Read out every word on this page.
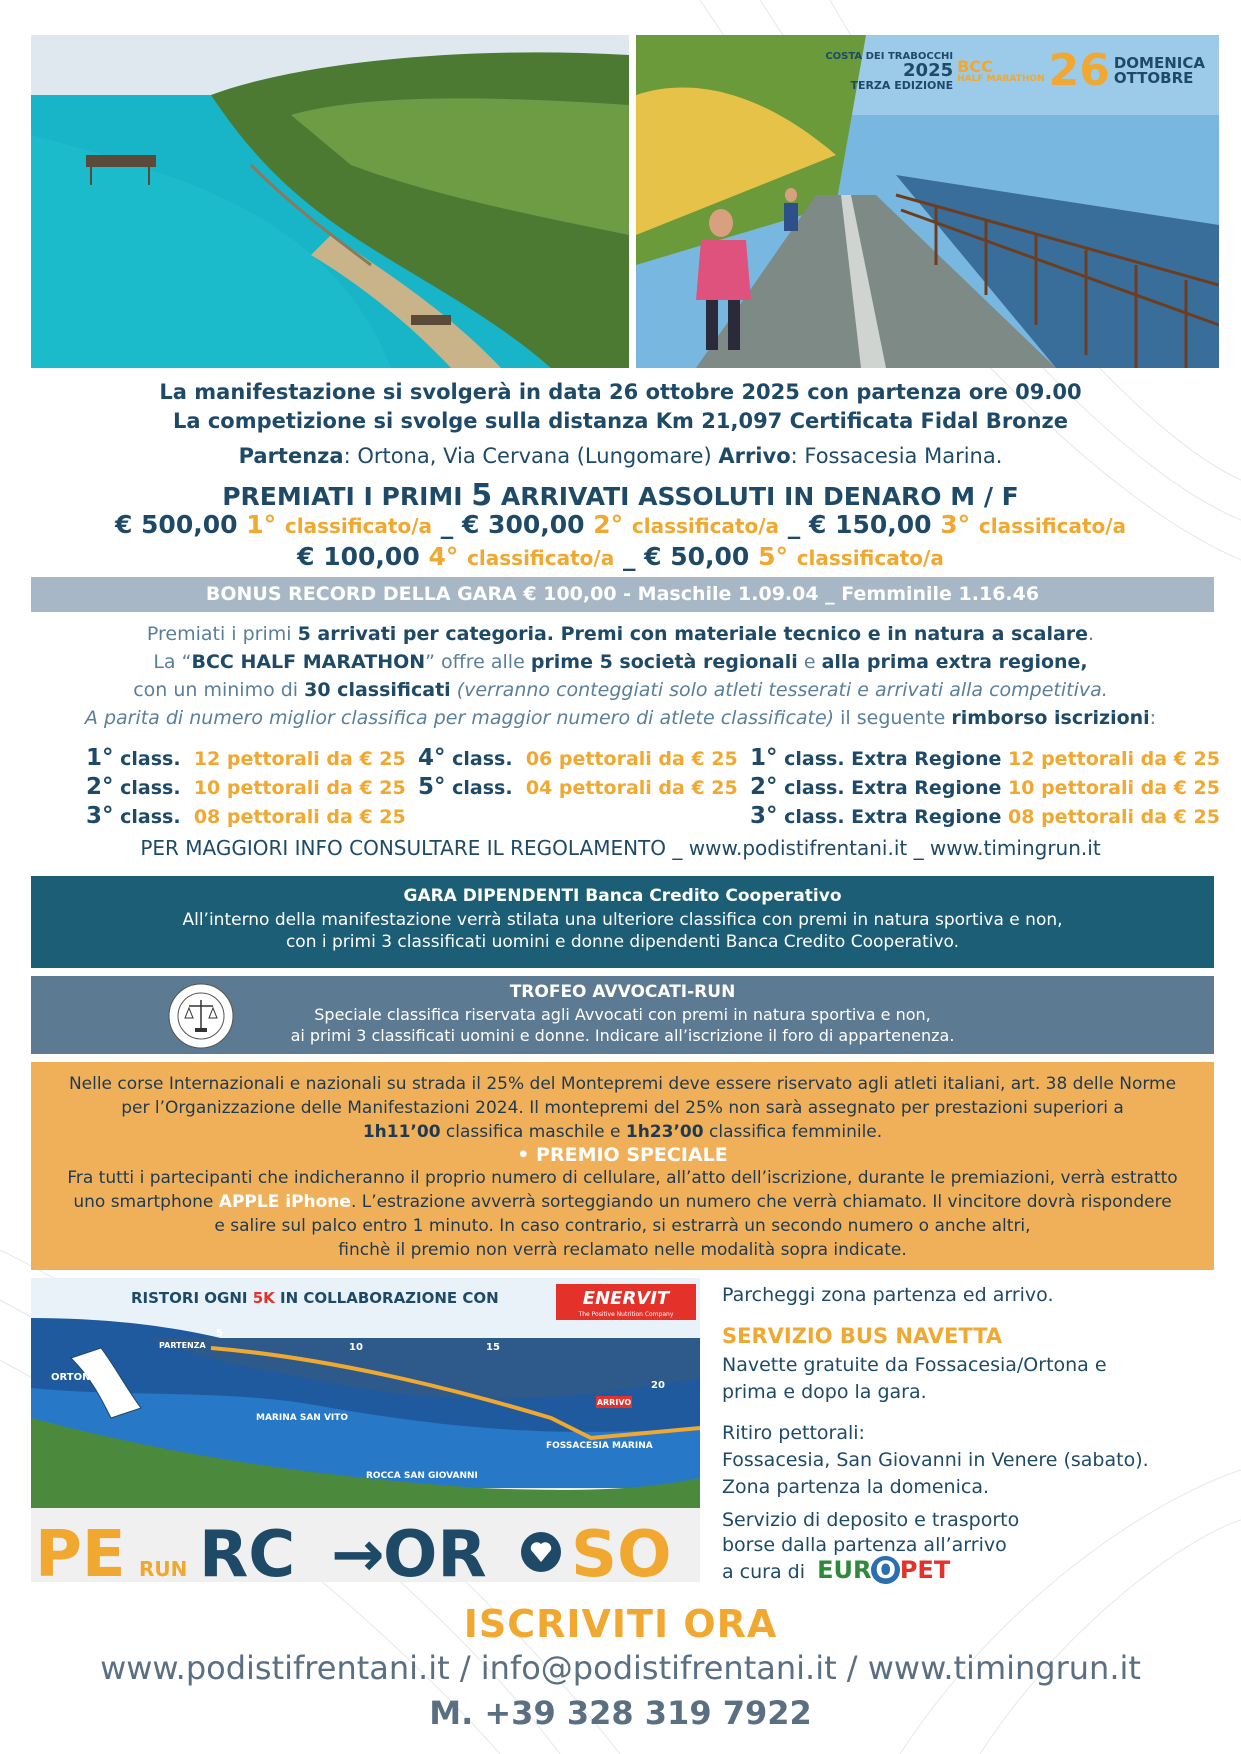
COSTA DEI TRABOCCHI
2025
TERZA EDIZIONE
BCC
HALF MARATHON 26 DOMENICA
OTTOBRE
La manifestazione si svolgerà in data 26 ottobre 2025 con partenza ore 09.00
La competizione si svolge sulla distanza Km 21,097 Certificata Fidal Bronze
Partenza: Ortona, Via Cervana (Lungomare) Arrivo: Fossacesia Marina.
PREMIATI I PRIMI 5 ARRIVATI ASSOLUTI IN DENARO M / F
€ 500,00 1° classificato/a _ € 300,00 2° classificato/a _ € 150,00 3° classificato/a
€ 100,00 4° classificato/a _ € 50,00 5° classificato/a
BONUS RECORD DELLA GARA € 100,00 - Maschile 1.09.04 _ Femminile 1.16.46
Premiati i primi 5 arrivati per categoria. Premi con materiale tecnico e in natura a scalare.
La “BCC HALF MARATHON” offre alle prime 5 società regionali e alla prima extra regione,
con un minimo di 30 classificati (verranno conteggiati solo atleti tesserati e arrivati alla competitiva.
A parita di numero miglior classifica per maggior numero di atlete classificate) il seguente rimborso iscrizioni:
1° class. 12 pettorali da € 25
2° class. 10 pettorali da € 25
3° class. 08 pettorali da € 25
4° class. 06 pettorali da € 25
5° class. 04 pettorali da € 25
1° class. Extra Regione 12 pettorali da € 25
2° class. Extra Regione 10 pettorali da € 25
3° class. Extra Regione 08 pettorali da € 25
PER MAGGIORI INFO CONSULTARE IL REGOLAMENTO _ www.podistifrentani.it _ www.timingrun.it
GARA DIPENDENTI Banca Credito Cooperativo
All’interno della manifestazione verrà stilata una ulteriore classifica con premi in natura sportiva e non,
con i primi 3 classificati uomini e donne dipendenti Banca Credito Cooperativo.
TROFEO AVVOCATI-RUN
Speciale classifica riservata agli Avvocati con premi in natura sportiva e non,
ai primi 3 classificati uomini e donne. Indicare all’iscrizione il foro di appartenenza.
Nelle corse Internazionali e nazionali su strada il 25% del Montepremi deve essere riservato agli atleti italiani, art. 38 delle Norme
per l’Organizzazione delle Manifestazioni 2024. Il montepremi del 25% non sarà assegnato per prestazioni superiori a
1h11’00 classifica maschile e 1h23’00 classifica femminile.
• PREMIO SPECIALE
Fra tutti i partecipanti che indicheranno il proprio numero di cellulare, all’atto dell’iscrizione, durante le premiazioni, verrà estratto
uno smartphone APPLE iPhone. L’estrazione avverrà sorteggiando un numero che verrà chiamato. Il vincitore dovrà rispondere
e salire sul palco entro 1 minuto. In caso contrario, si estrarrà un secondo numero o anche altri,
finchè il premio non verrà reclamato nelle modalità sopra indicate.
RISTORI OGNI 5K IN COLLABORAZIONE CON	ENERVIT
The Positive Nutrition Company
ORTONA
PARTENZA
MARINA SAN VITO
ROCCA SAN GIOVANNI
FOSSACESIA MARINA
ARRIVO
5
10	15
20
PE RUN RC →
OR SO
Parcheggi zona partenza ed arrivo.
SERVIZIO BUS NAVETTA
Navette gratuite da Fossacesia/Ortona e
prima e dopo la gara.
Ritiro pettorali:
Fossacesia, San Giovanni in Venere (sabato).
Zona partenza la domenica.
Servizio di deposito e trasporto
borse dalla partenza all’arrivo
a cura di EUR O PET
ISCRIVITI ORA
www.podistifrentani.it / info@podistifrentani.it / www.timingrun.it
M. +39 328 319 7922
